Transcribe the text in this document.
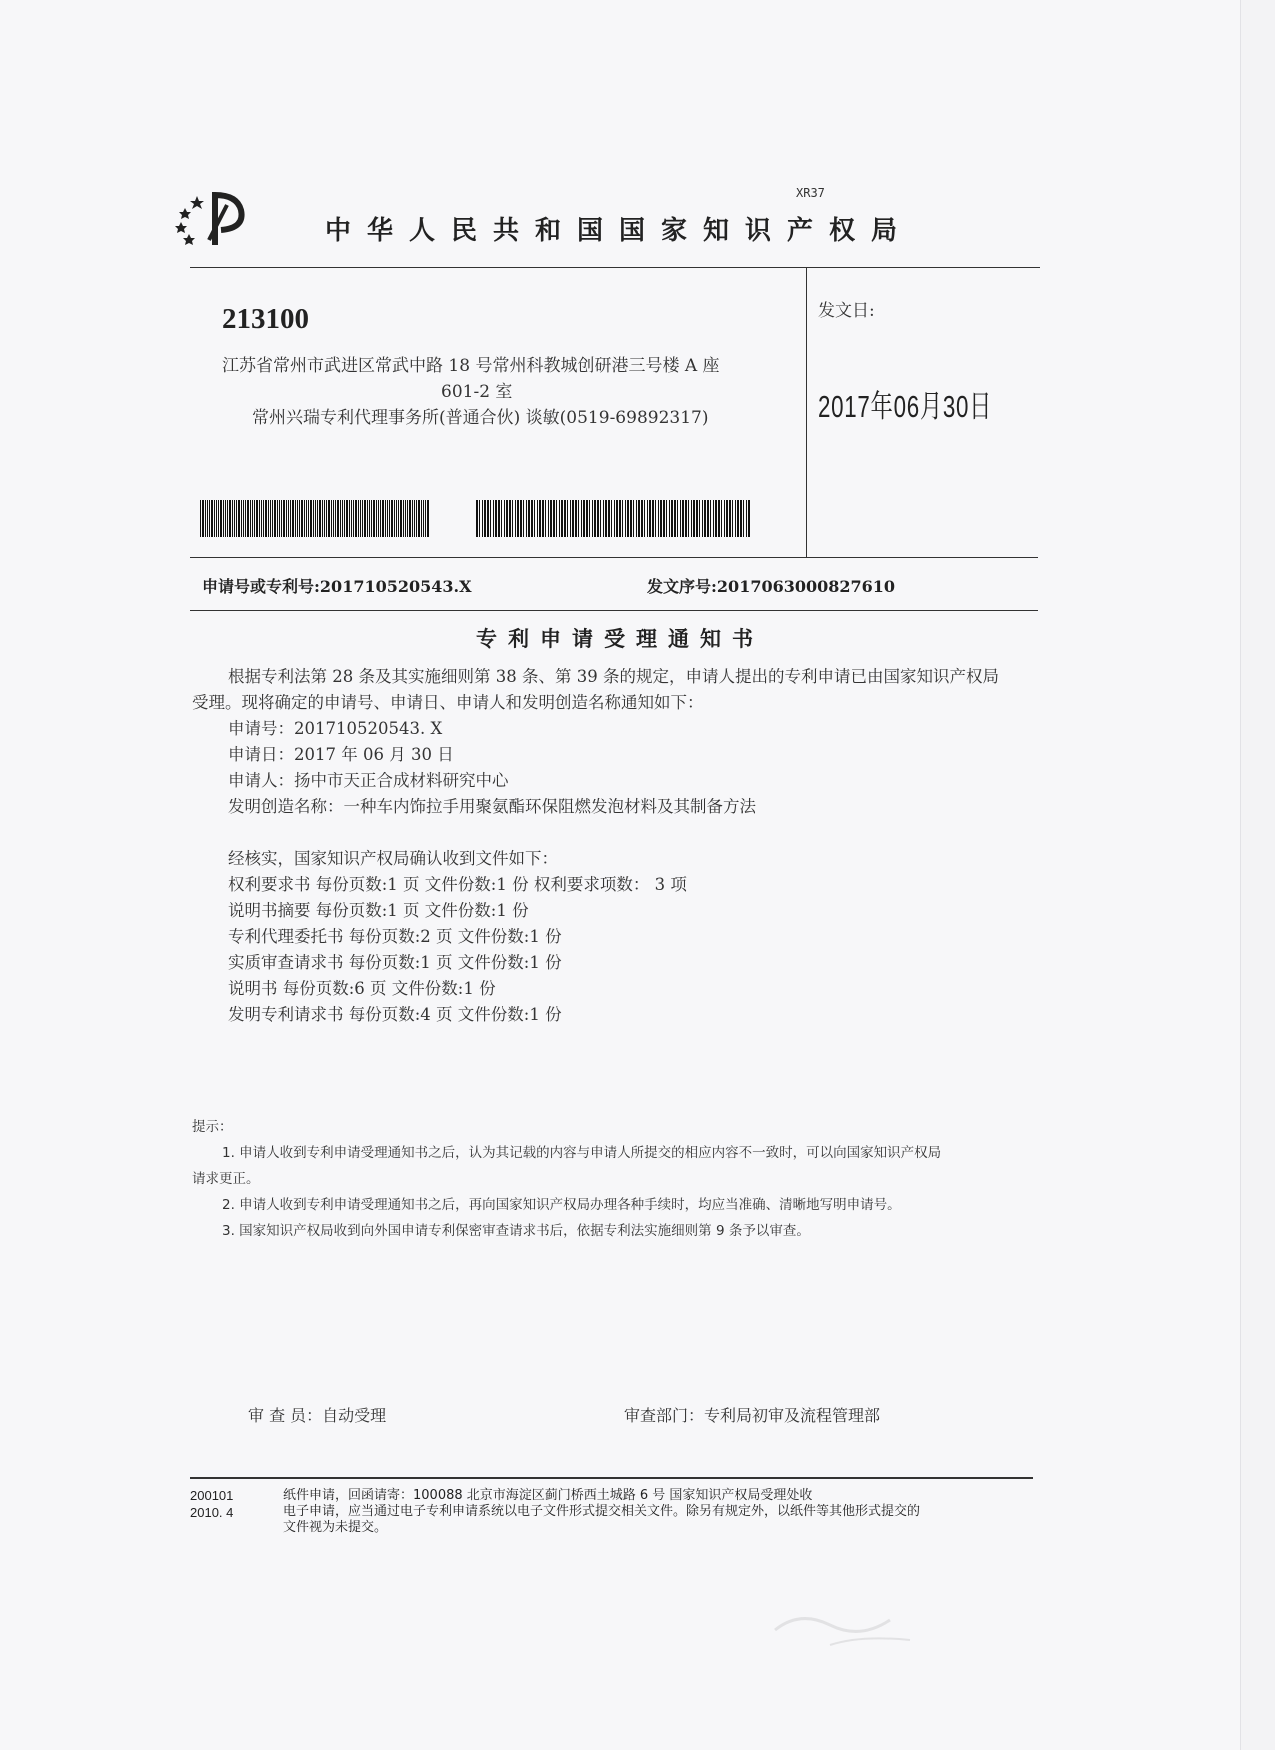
XR37
中华人民共和国国家知识产权局
213100
江苏省常州市武进区常武中路 18 号常州科教城创研港三号楼 A 座
601-2 室
常州兴瑞专利代理事务所(普通合伙) 谈敏(0519-69892317)
发文日:
2017年06月30日
申请号或专利号:201710520543.X	发文序号:2017063000827610
专利申请受理通知书

根据专利法第 28 条及其实施细则第 38 条、第 39 条的规定，申请人提出的专利申请已由国家知识产权局

受理。现将确定的申请号、申请日、申请人和发明创造名称通知如下：

申请号：201710520543. X

申请日：2017 年 06 月 30 日

申请人：扬中市天正合成材料研究中心

发明创造名称：一种车内饰拉手用聚氨酯环保阻燃发泡材料及其制备方法

经核实，国家知识产权局确认收到文件如下：

权利要求书 每份页数:1 页 文件份数:1 份 权利要求项数： 3 项

说明书摘要 每份页数:1 页 文件份数:1 份

专利代理委托书 每份页数:2 页 文件份数:1 份

实质审查请求书 每份页数:1 页 文件份数:1 份

说明书 每份页数:6 页 文件份数:1 份

发明专利请求书 每份页数:4 页 文件份数:1 份

提示：

1. 申请人收到专利申请受理通知书之后，认为其记载的内容与申请人所提交的相应内容不一致时，可以向国家知识产权局

请求更正。

2. 申请人收到专利申请受理通知书之后，再向国家知识产权局办理各种手续时，均应当准确、清晰地写明申请号。

3. 国家知识产权局收到向外国申请专利保密审查请求书后，依据专利法实施细则第 9 条予以审查。

审 查 员：自动受理	审查部门：专利局初审及流程管理部
200101
2010. 4
纸件申请，回函请寄：100088 北京市海淀区蓟门桥西土城路 6 号 国家知识产权局受理处收
电子申请，应当通过电子专利申请系统以电子文件形式提交相关文件。除另有规定外，以纸件等其他形式提交的
文件视为未提交。
